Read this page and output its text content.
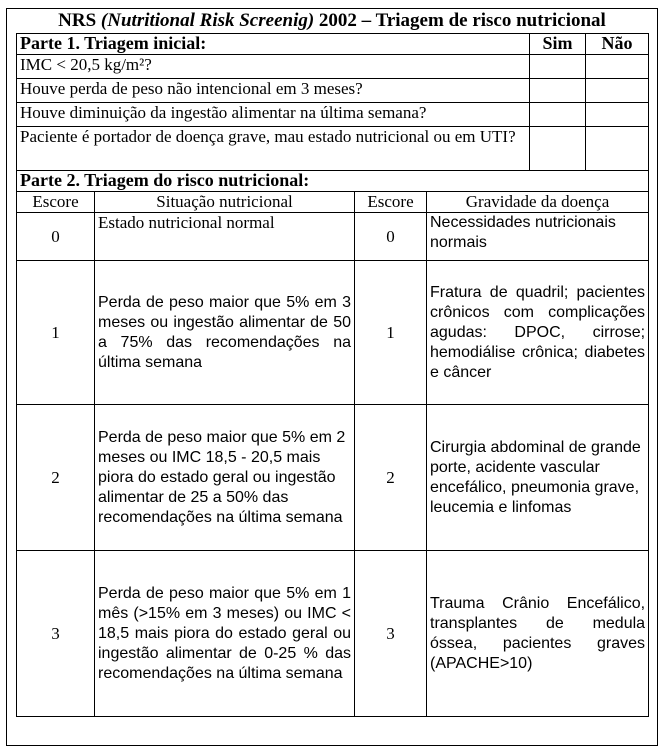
NRS (Nutritional Risk Screenig) 2002 – Triagem de risco nutricional
Parte 1. Triagem inicial:				Sim	Não
IMC < 20,5 kg/m²?					
Houve perda de peso não intencional em 3 meses?					
Houve diminuição da ingestão alimentar na última semana?					
Paciente é portador de doença grave, mau estado nutricional ou em UTI?					
Parte 2. Triagem do risco nutricional:					
Escore	Situação nutricional	Escore	Gravidade da doença		
0	Estado nutricional normal	0	Necessidades nutricionais normais		
1	Perda de peso maior que 5% em 3 meses ou ingestão alimentar de 50 a 75% das recomendações na última semana	1	Fratura de quadril; pacientes crônicos com complicações agudas: DPOC, cirrose; hemodiálise crônica; diabetes e câncer		
2	Perda de peso maior que 5% em 2 meses ou IMC 18,5 - 20,5 mais piora do estado geral ou ingestão alimentar de 25 a 50% das recomendações na última semana	2	Cirurgia abdominal de grande porte, acidente vascular encefálico, pneumonia grave, leucemia e linfomas		
3	Perda de peso maior que 5% em 1 mês (>15% em 3 meses) ou IMC < 18,5 mais piora do estado geral ou ingestão alimentar de 0-25 % das recomendações na última semana	3	Trauma Crânio Encefálico, transplantes de medula óssea, pacientes graves (APACHE>10)		
